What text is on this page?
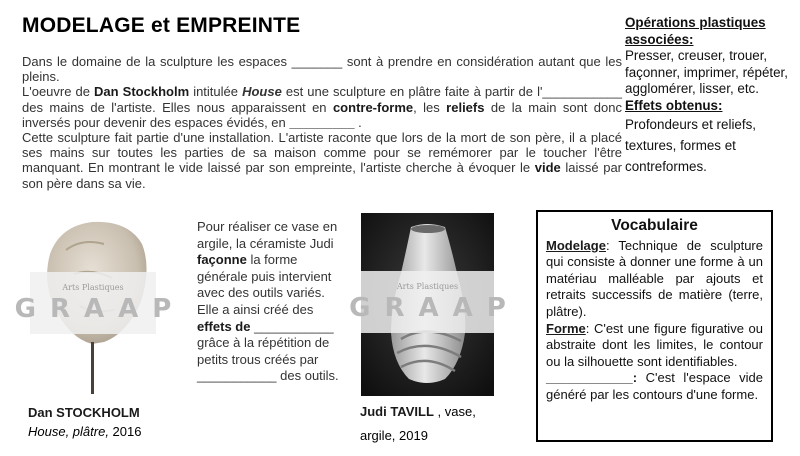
MODELAGE et EMPREINTE

Dans le domaine de la sculpture les espaces _______ sont à prendre en considération autant que les pleins.

L'oeuvre de Dan Stockholm intitulée House est une sculpture en plâtre faite à partir de l'___________ des mains de l'artiste. Elles nous apparaissent en contre-forme, les reliefs de la main sont donc inversés pour devenir des espaces évidés, en _________ .

Cette sculpture fait partie d'une installation. L'artiste raconte que lors de la mort de son père, il a placé ses mains sur toutes les parties de sa maison comme pour se remémorer par le toucher l'être manquant. En montrant le vide laissé par son empreinte, l'artiste cherche à évoquer le vide laissé par son père dans sa vie.

Opérations plastiques associées:

Presser, creuser, trouer, façonner, imprimer, répéter, agglomérer, lisser, etc.

Effets obtenus:

Profondeurs et reliefs, textures, formes et contreformes.

Arts Plastiques
GRAAP
Dan STOCKHOLM
House, plâtre, 2016
Pour réaliser ce vase en argile, la céramiste Judi façonne la forme générale puis intervient avec des outils variés. Elle a ainsi créé des effets de ___________ grâce à la répétition de petits trous créés par ___________ des outils.
Arts Plastiques
GRAAP
Judi TAVILL , vase,
argile, 2019
Vocabulaire

Modelage: Technique de sculpture qui consiste à donner une forme à un matériau malléable par ajouts et retraits successifs de matière (terre, plâtre).

Forme: C'est une figure figurative ou abstraite dont les limites, le contour ou la silhouette sont identifiables.

____________: C'est l'espace vide généré par les contours d'une forme.
